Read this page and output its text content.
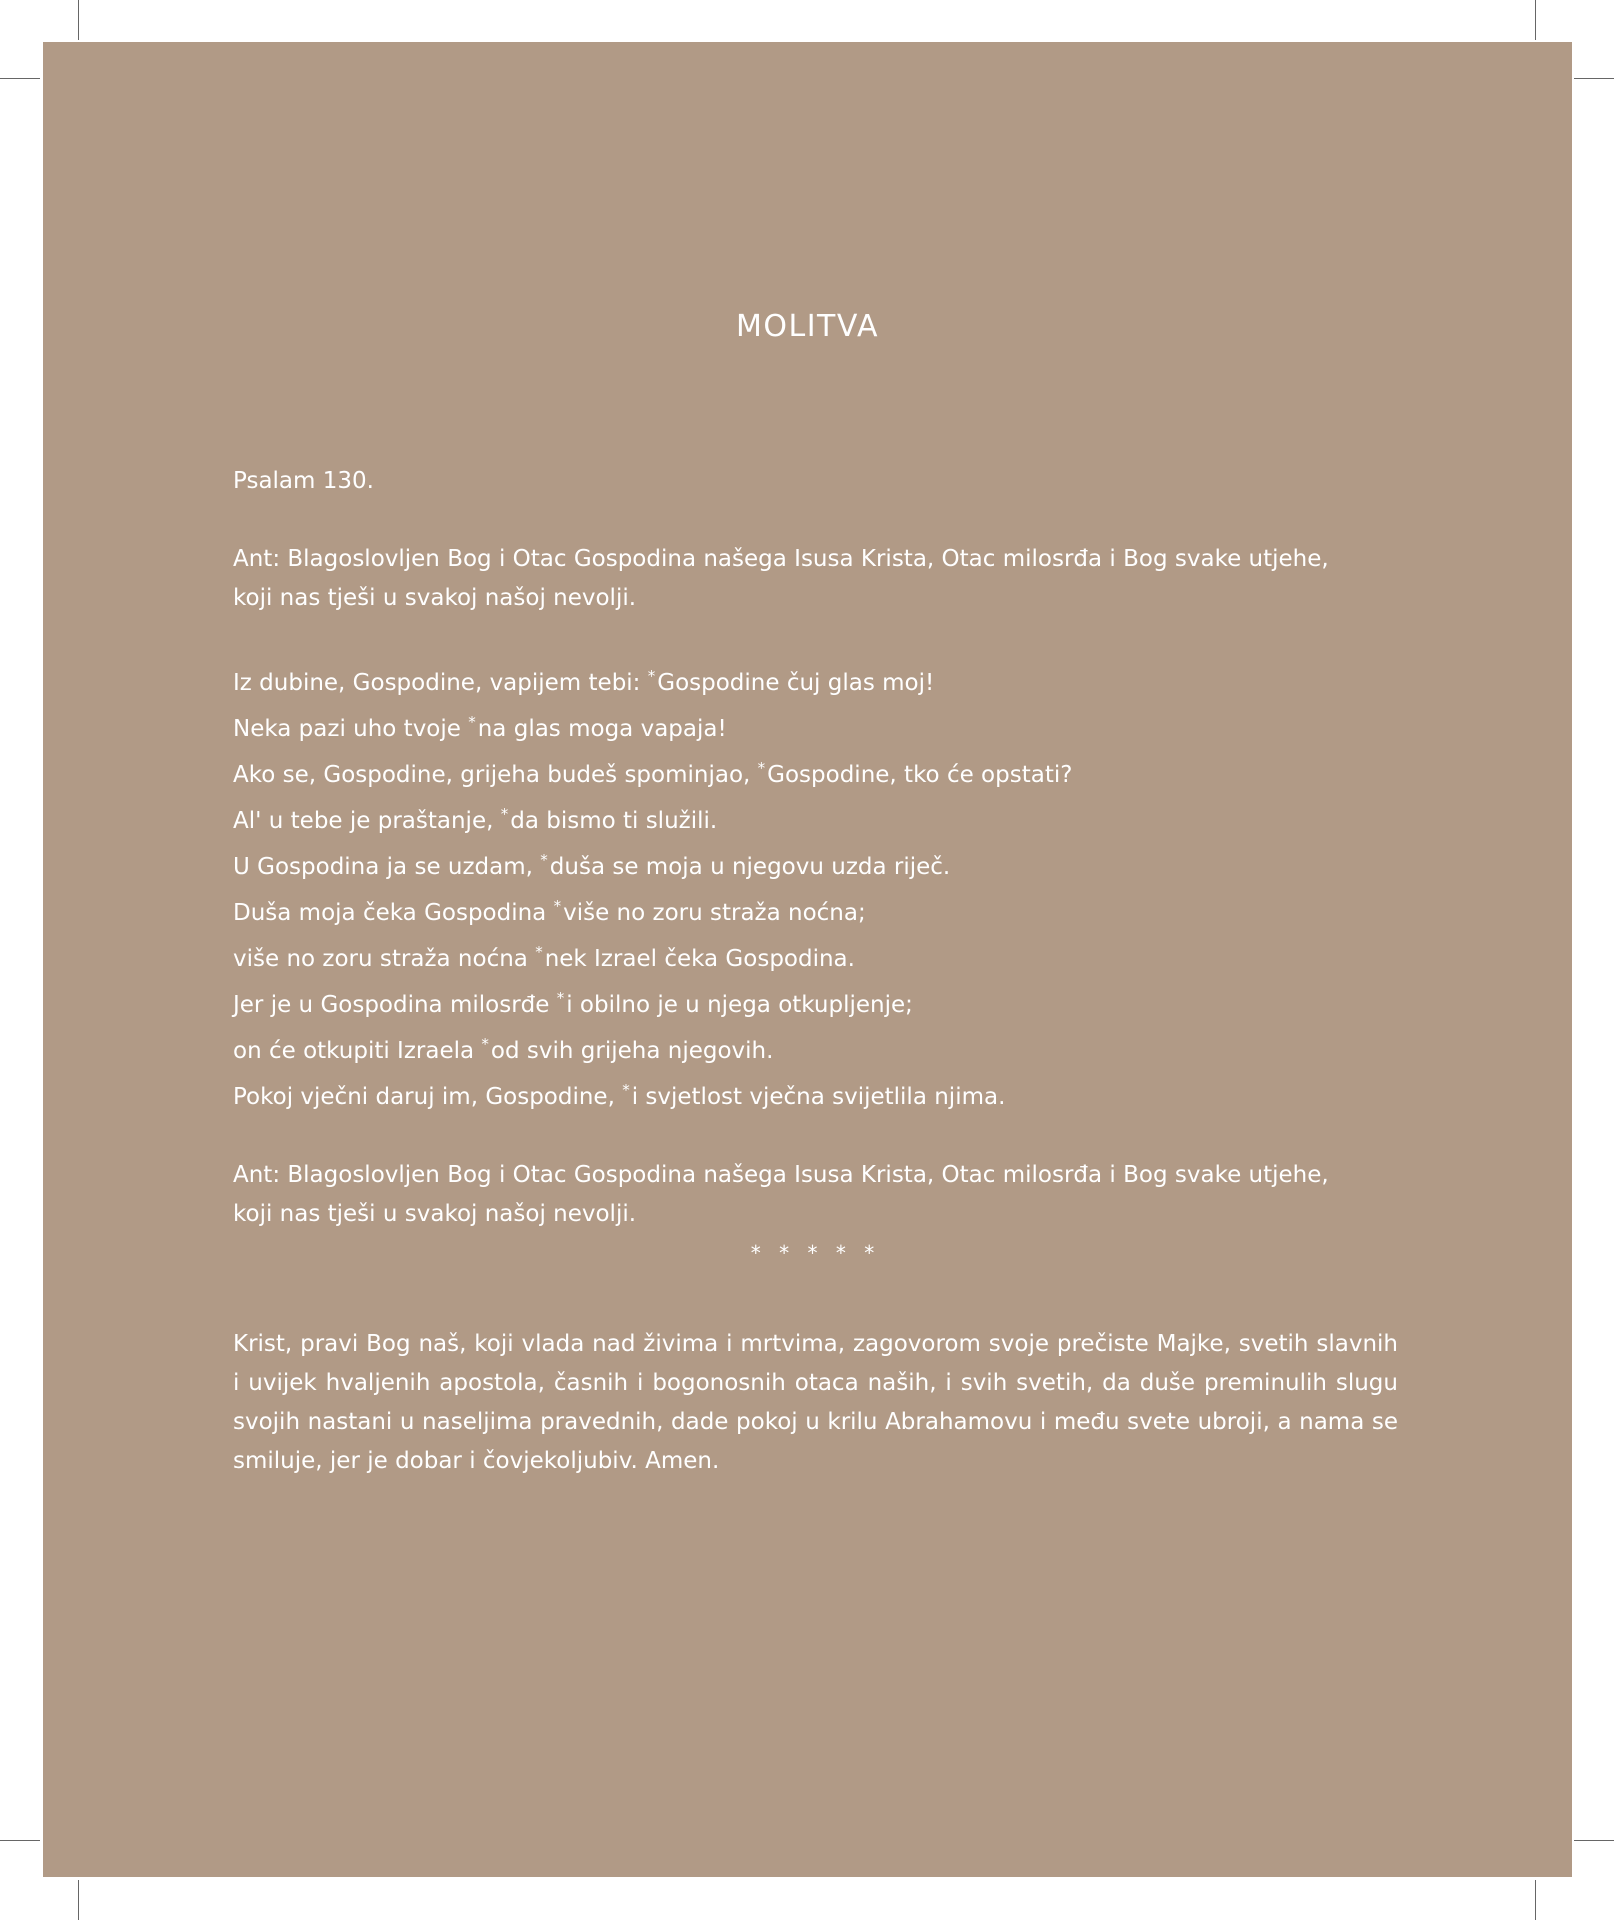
MOLITVA

Psalam 130.

Ant: Blagoslovljen Bog i Otac Gospodina našega Isusa Krista, Otac milosrđa i Bog svake utjehe, koji nas tješi u svakoj našoj nevolji.

Iz dubine, Gospodine, vapijem tebi: *Gospodine čuj glas moj!

Neka pazi uho tvoje *na glas moga vapaja!

Ako se, Gospodine, grijeha budeš spominjao, *Gospodine, tko će opstati?

Al' u tebe je praštanje, *da bismo ti služili.

U Gospodina ja se uzdam, *duša se moja u njegovu uzda riječ.

Duša moja čeka Gospodina *više no zoru straža noćna;

više no zoru straža noćna *nek Izrael čeka Gospodina.

Jer je u Gospodina milosrđe *i obilno je u njega otkupljenje;

on će otkupiti Izraela *od svih grijeha njegovih.

Pokoj vječni daruj im, Gospodine, *i svjetlost vječna svijetlila njima.

Ant: Blagoslovljen Bog i Otac Gospodina našega Isusa Krista, Otac milosrđa i Bog svake utjehe, koji nas tješi u svakoj našoj nevolji.

* * * * *

Krist, pravi Bog naš, koji vlada nad živima i mrtvima, zagovorom svoje prečiste Majke, svetih slavnih i uvijek hvaljenih apostola, časnih i bogonosnih otaca naših, i svih svetih, da duše preminulih slugu svojih nastani u naseljima pravednih, dade pokoj u krilu Abrahamovu i među svete ubroji, a nama se smiluje, jer je dobar i čovjekoljubiv. Amen.
